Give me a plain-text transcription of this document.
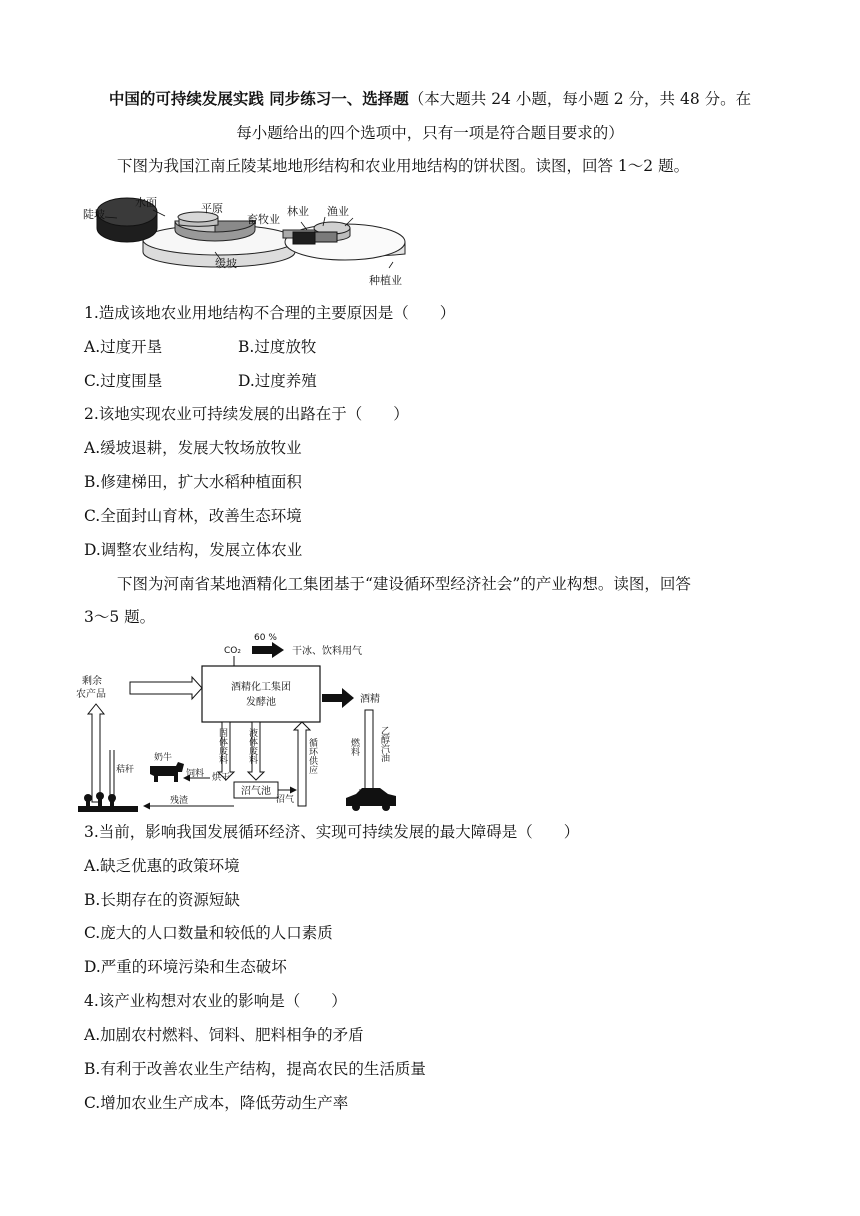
中国的可持续发展实践 同步练习一、选择题（本大题共 24 小题，每小题 2 分，共 48 分。在
每小题给出的四个选项中，只有一项是符合题目要求的）
下图为我国江南丘陵某地地形结构和农业用地结构的饼状图。读图，回答 1～2 题。
陡坡
水面	平原
缓坡
畜牧业
林业 渔业
种植业
1.造成该地农业用地结构不合理的主要原因是（　　）
A.过度开垦	B.过度放牧
C.过度围垦	D.过度养殖
2.该地实现农业可持续发展的出路在于（　　）
A.缓坡退耕，发展大牧场放牧业
B.修建梯田，扩大水稻种植面积
C.全面封山育林，改善生态环境
D.调整农业结构，发展立体农业
下图为河南省某地酒精化工集团基于“建设循环型经济社会”的产业构想。读图，回答
3～5 题。
酒精化工集团
发酵池
CO₂
60 %
干冰、饮料用气
剩余
农产品	酒精
燃料 乙醇汽油
固体废料 液体废料	循环供应
沼气池
沼气
烘干
饲料
奶牛
秸秆
残渣
3.当前，影响我国发展循环经济、实现可持续发展的最大障碍是（　　）
A.缺乏优惠的政策环境
B.长期存在的资源短缺
C.庞大的人口数量和较低的人口素质
D.严重的环境污染和生态破坏
4.该产业构想对农业的影响是（　　）
A.加剧农村燃料、饲料、肥料相争的矛盾
B.有利于改善农业生产结构，提高农民的生活质量
C.增加农业生产成本，降低劳动生产率
